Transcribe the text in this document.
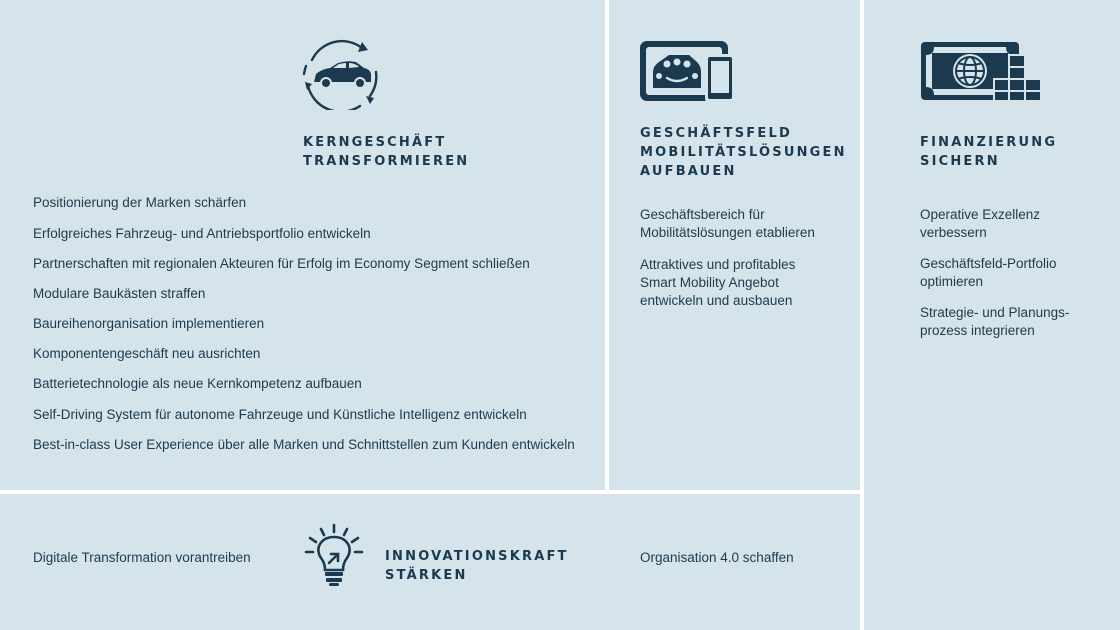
KERNGESCHÄFT
TRANSFORMIEREN
Positionierung der Marken schärfen
Erfolgreiches Fahrzeug- und Antriebsportfolio entwickeln
Partnerschaften mit regionalen Akteuren für Erfolg im Economy Segment schließen
Modulare Baukästen straffen
Baureihenorganisation implementieren
Komponentengeschäft neu ausrichten
Batterietechnologie als neue Kernkompetenz aufbauen
Self-Driving System für autonome Fahrzeuge und Künstliche Intelligenz entwickeln
Best-in-class User Experience über alle Marken und Schnittstellen zum Kunden entwickeln
GESCHÄFTSFELD
MOBILITÄTSLÖSUNGEN
AUFBAUEN
Geschäftsbereich für
Mobilitätslösungen etablieren
Attraktives und profitables
Smart Mobility Angebot
entwickeln und ausbauen
FINANZIERUNG
SICHERN
Operative Exzellenz
verbessern
Geschäftsfeld-Portfolio
optimieren
Strategie- und Planungs-
prozess integrieren
Digitale Transformation vorantreiben	INNOVATIONSKRAFT
STÄRKEN
Organisation 4.0 schaffen
